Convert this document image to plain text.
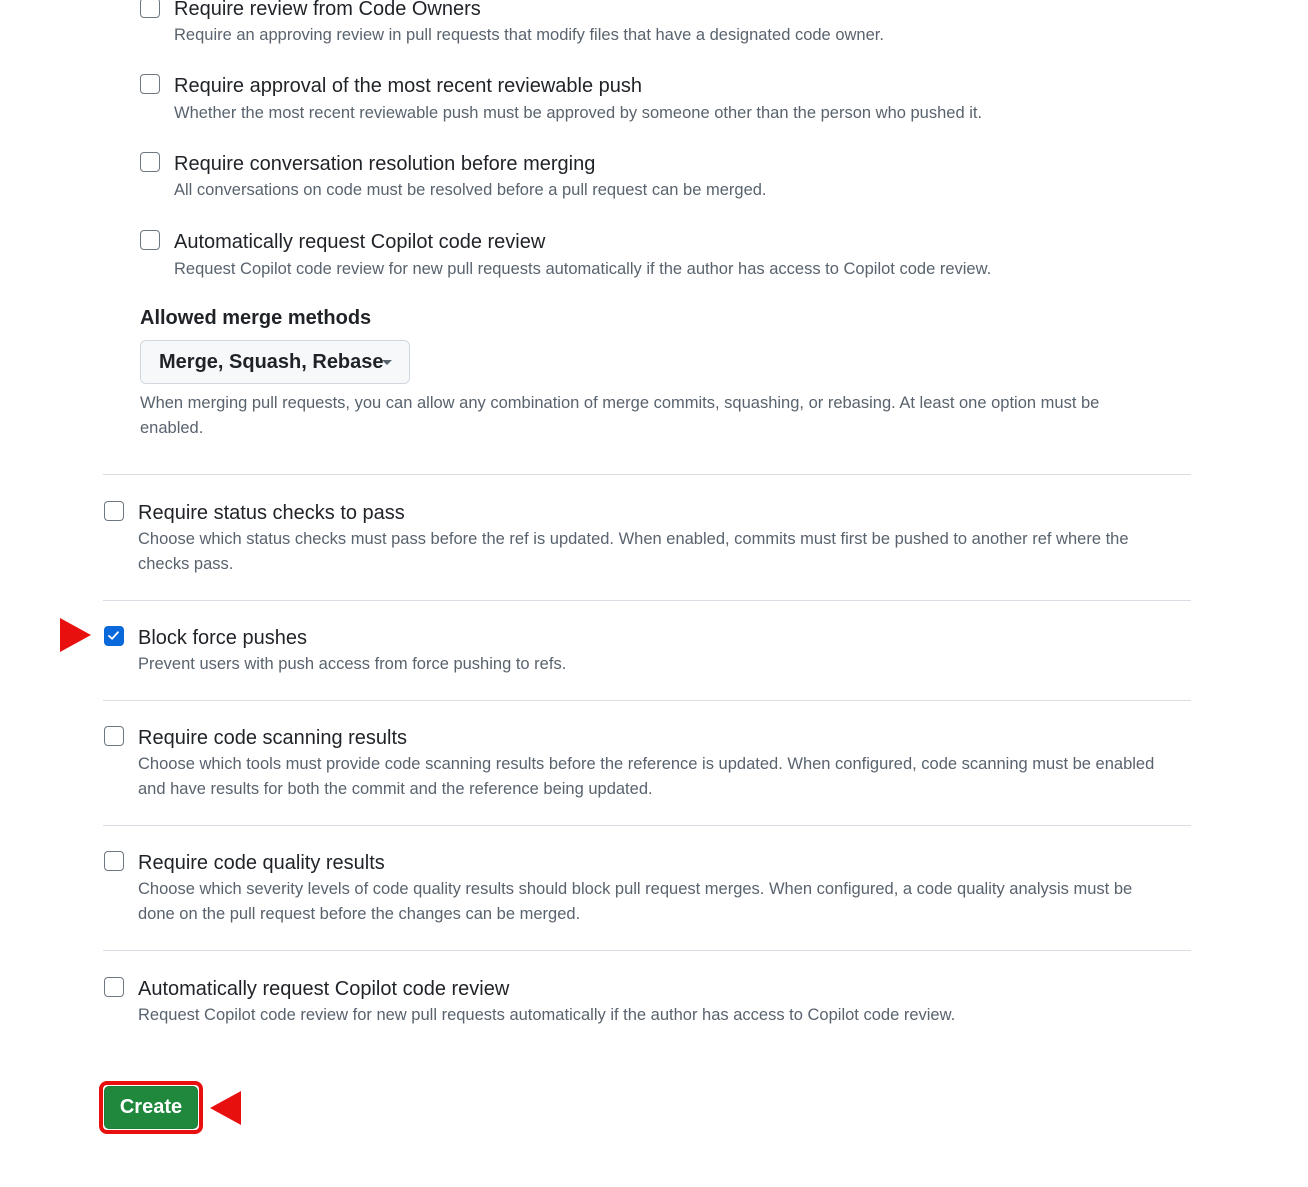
Require review from Code Owners
Require an approving review in pull requests that modify files that have a designated code owner.
Require approval of the most recent reviewable push
Whether the most recent reviewable push must be approved by someone other than the person who pushed it.
Require conversation resolution before merging
All conversations on code must be resolved before a pull request can be merged.
Automatically request Copilot code review
Request Copilot code review for new pull requests automatically if the author has access to Copilot code review.
Allowed merge methods
Merge, Squash, Rebase
When merging pull requests, you can allow any combination of merge commits, squashing, or rebasing. At least one option must be enabled.
Require status checks to pass
Choose which status checks must pass before the ref is updated. When enabled, commits must first be pushed to another ref where the checks pass.
Block force pushes
Prevent users with push access from force pushing to refs.
Require code scanning results
Choose which tools must provide code scanning results before the reference is updated. When configured, code scanning must be enabled and have results for both the commit and the reference being updated.
Require code quality results
Choose which severity levels of code quality results should block pull request merges. When configured, a code quality analysis must be done on the pull request before the changes can be merged.
Automatically request Copilot code review
Request Copilot code review for new pull requests automatically if the author has access to Copilot code review.
Create
